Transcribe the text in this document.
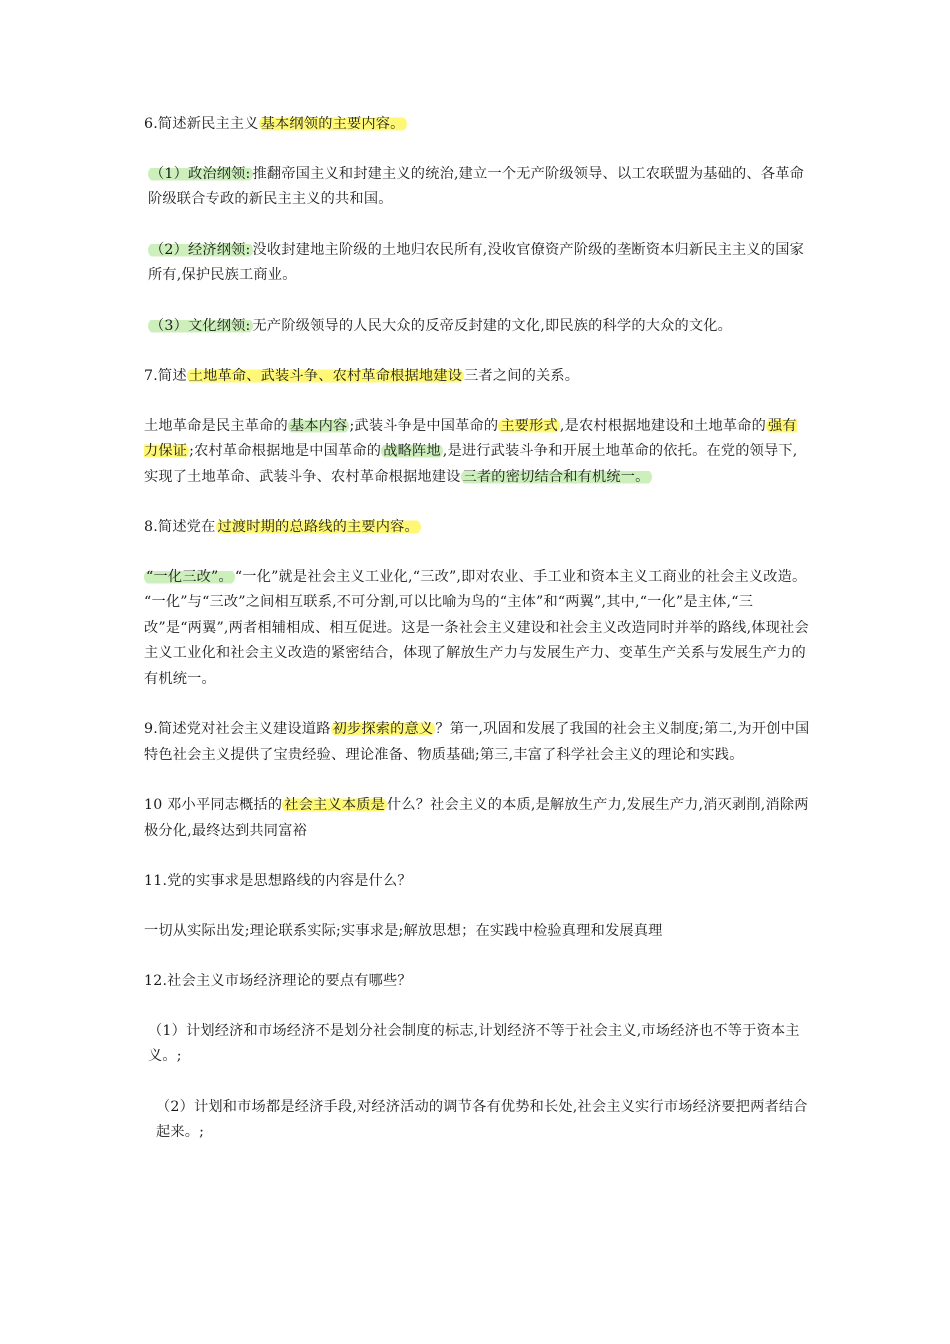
6.简述新民主主义 基本纲领的主要内容。

（1）政治纲领: 推翻帝国主义和封建主义的统治,建立一个无产阶级领导、以工农联盟为基础的、各革命阶级联合专政的新民主主义的共和国。

（2）经济纲领: 没收封建地主阶级的土地归农民所有,没收官僚资产阶级的垄断资本归新民主主义的国家所有,保护民族工商业。

（3）文化纲领: 无产阶级领导的人民大众的反帝反封建的文化,即民族的科学的大众的文化。

7.简述 土地革命、武装斗争、农村革命根据地建设 三者之间的关系。

土地革命是民主革命的 基本内容 ;武装斗争是中国革命的 主要形式 ,是农村根据地建设和土地革命的 强有力保证 ;农村革命根据地是中国革命的 战略阵地 ,是进行武装斗争和开展土地革命的依托。在党的领导下,实现了土地革命、武装斗争、农村革命根据地建设 三者的密切结合和有机统一。

8.简述党在 过渡时期的总路线的主要内容。

“一化三改”。 “一化”就是社会主义工业化,“三改”,即对农业、手工业和资本主义工商业的社会主义改造。 “一化”与“三改”之间相互联系,不可分割,可以比喻为鸟的“主体”和“两翼”,其中,“一化”是主体,“三改”是“两翼”,两者相辅相成、相互促进。这是一条社会主义建设和社会主义改造同时并举的路线,体现社会主义工业化和社会主义改造的紧密结合，体现了解放生产力与发展生产力、变革生产关系与发展生产力的有机统一。

9.简述党对社会主义建设道路 初步探索的意义 ？第一,巩固和发展了我国的社会主义制度;第二,为开创中国特色社会主义提供了宝贵经验、理论准备、物质基础;第三,丰富了科学社会主义的理论和实践。

10 邓小平同志概括的 社会主义本质是 什么？社会主义的本质,是解放生产力,发展生产力,消灭剥削,消除两极分化,最终达到共同富裕

11.党的实事求是思想路线的内容是什么？

一切从实际出发;理论联系实际;实事求是;解放思想；在实践中检验真理和发展真理

12.社会主义市场经济理论的要点有哪些？

（1）计划经济和市场经济不是划分社会制度的标志,计划经济不等于社会主义,市场经济也不等于资本主义。;

（2）计划和市场都是经济手段,对经济活动的调节各有优势和长处,社会主义实行市场经济要把两者结合起来。;
